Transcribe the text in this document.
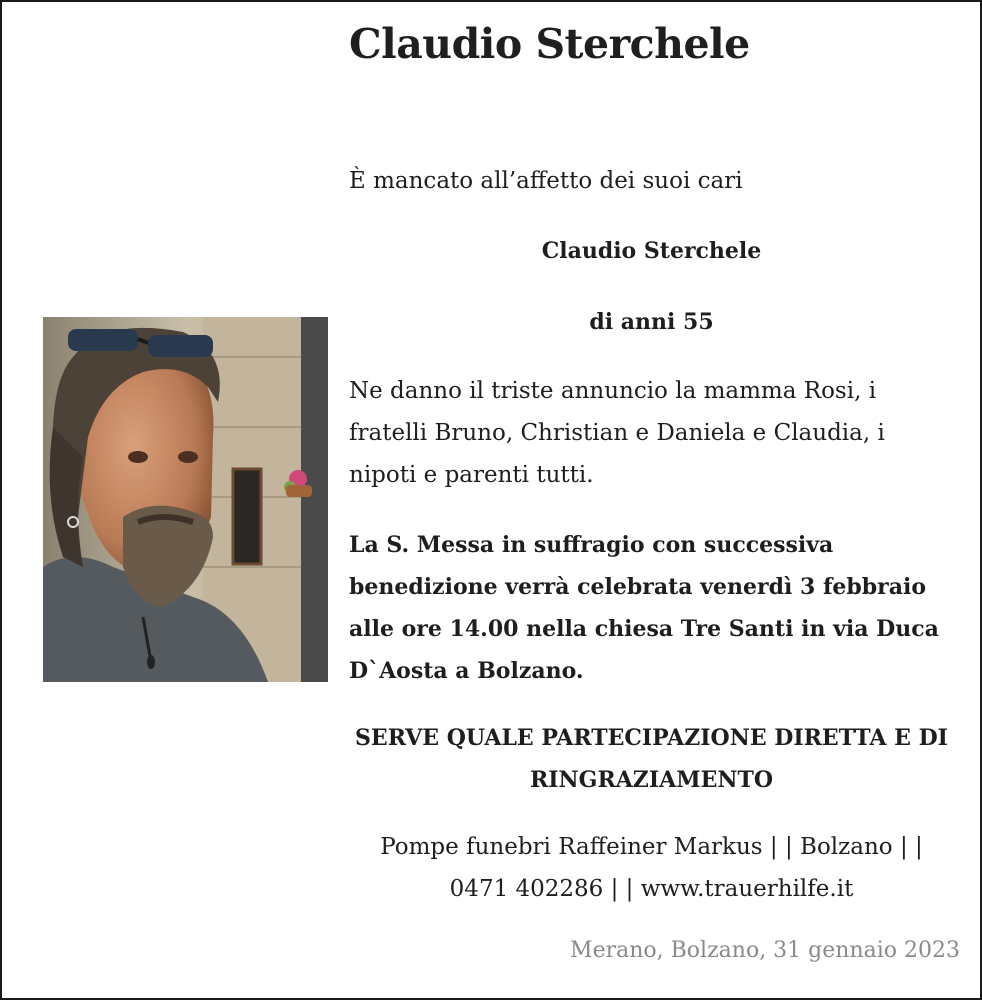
Claudio Sterchele
È mancato all’affetto dei suoi cari
Claudio Sterchele
di anni 55
Ne danno il triste annuncio la mamma Rosi, i
fratelli Bruno, Christian e Daniela e Claudia, i
nipoti e parenti tutti.
La S. Messa in suffragio con successiva
benedizione verrà celebrata venerdì 3 febbraio
alle ore 14.00 nella chiesa Tre Santi in via Duca
D`Aosta a Bolzano.
SERVE QUALE PARTECIPAZIONE DIRETTA E DI
RINGRAZIAMENTO
Pompe funebri Raffeiner Markus | | Bolzano | |
0471 402286 | | www.trauerhilfe.it
Merano, Bolzano, 31 gennaio 2023
